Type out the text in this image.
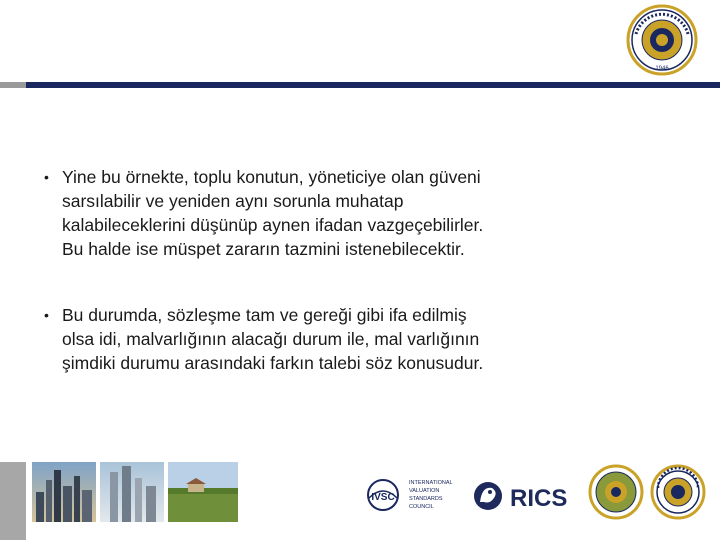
1946
• Yine bu örnekte, toplu konutun, yöneticiye olan güveni
sarsılabilir ve yeniden aynı sorunla muhatap
kalabileceklerini düşünüp aynen ifadan vazgeçebilirler.
Bu halde ise müspet zararın tazmini istenebilecektir.
• Bu durumda, sözleşme tam ve gereği gibi ifa edilmiş
olsa idi, malvarlığının alacağı durum ile, mal varlığının
şimdiki durumu arasındaki farkın talebi söz konusudur.
IVSC
INTERNATIONAL
VALUATION
STANDARDS
COUNCIL	RICS
